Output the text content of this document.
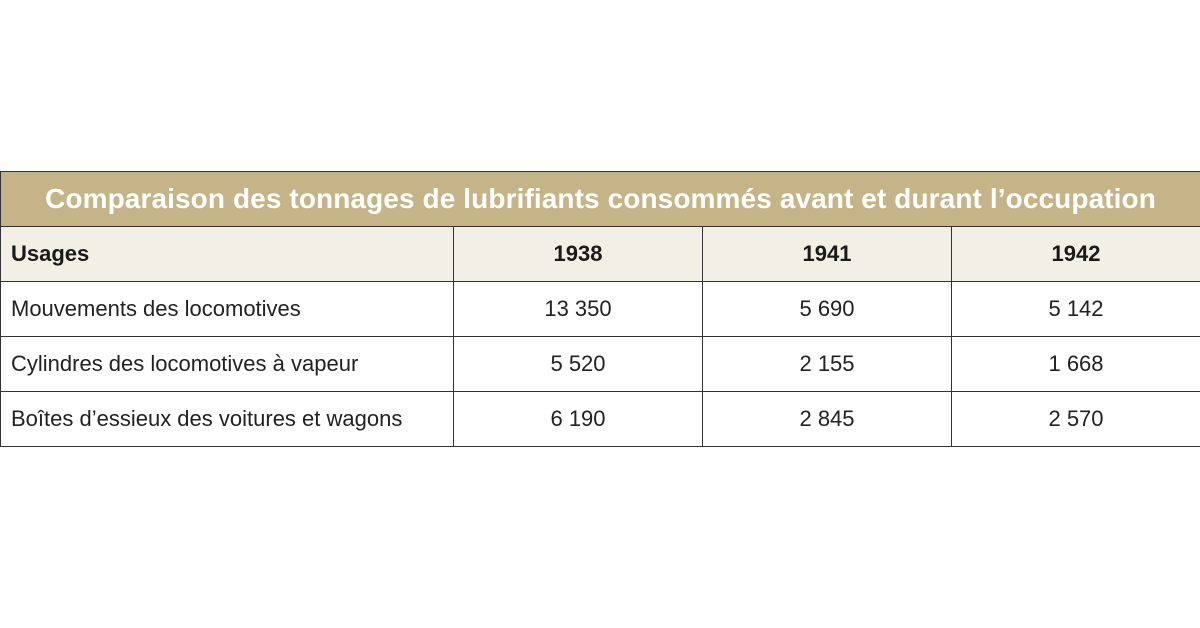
Comparaison des tonnages de lubrifiants consommés avant et durant l’occupation			
Usages	1938	1941	1942
Mouvements des locomotives	13 350	5 690	5 142
Cylindres des locomotives à vapeur	5 520	2 155	1 668
Boîtes d’essieux des voitures et wagons	6 190	2 845	2 570
